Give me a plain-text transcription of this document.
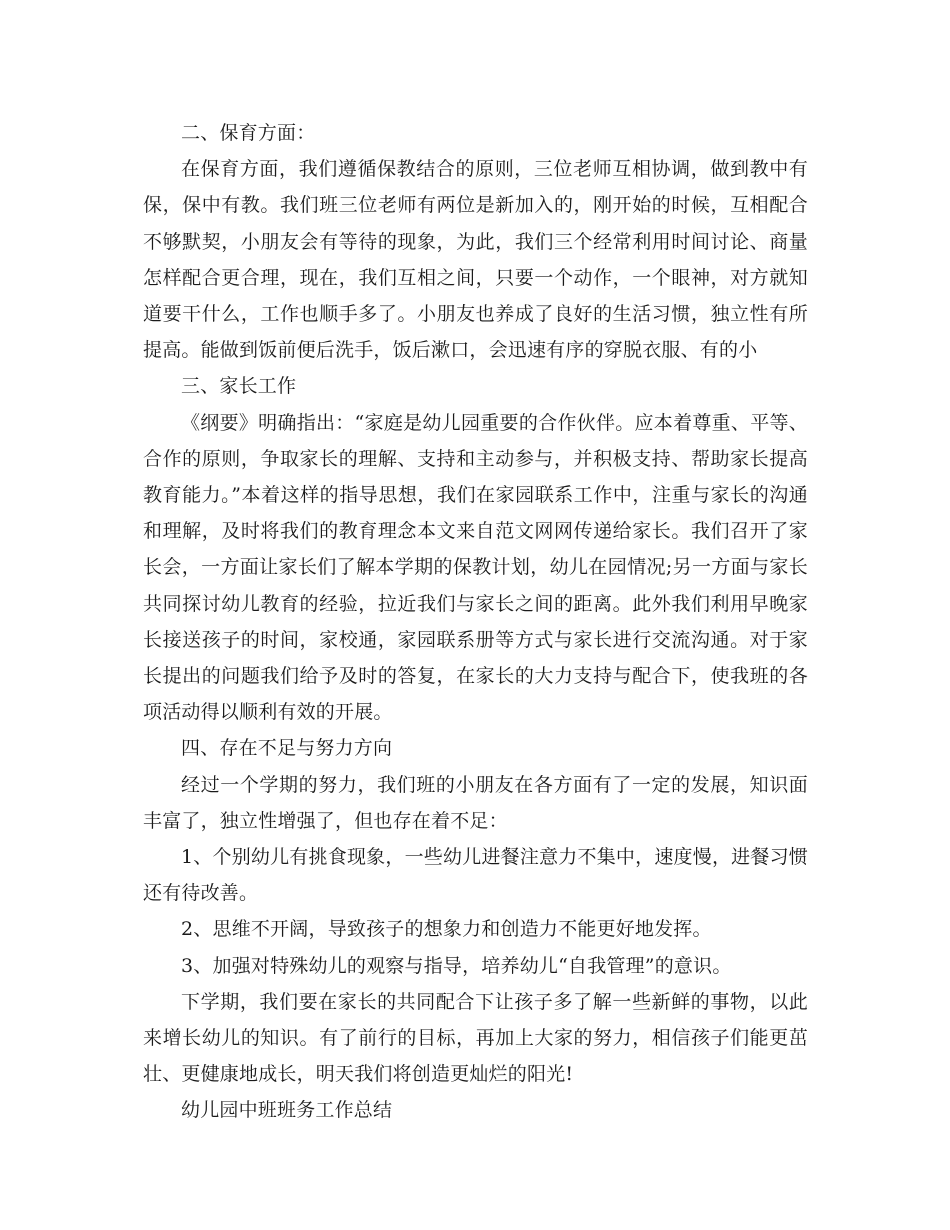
二、保育方面：

在保育方面，我们遵循保教结合的原则，三位老师互相协调，做到教中有保，保中有教。我们班三位老师有两位是新加入的，刚开始的时候，互相配合不够默契，小朋友会有等待的现象，为此，我们三个经常利用时间讨论、商量怎样配合更合理，现在，我们互相之间，只要一个动作，一个眼神，对方就知道要干什么，工作也顺手多了。小朋友也养成了良好的生活习惯，独立性有所提高。能做到饭前便后洗手，饭后漱口，会迅速有序的穿脱衣服、有的小

三、家长工作

《纲要》明确指出：“家庭是幼儿园重要的合作伙伴。应本着尊重、平等、合作的原则，争取家长的理解、支持和主动参与，并积极支持、帮助家长提高教育能力。”本着这样的指导思想，我们在家园联系工作中，注重与家长的沟通和理解，及时将我们的教育理念本文来自范文网网传递给家长。我们召开了家长会，一方面让家长们了解本学期的保教计划，幼儿在园情况;另一方面与家长共同探讨幼儿教育的经验，拉近我们与家长之间的距离。此外我们利用早晚家长接送孩子的时间，家校通，家园联系册等方式与家长进行交流沟通。对于家长提出的问题我们给予及时的答复，在家长的大力支持与配合下，使我班的各项活动得以顺利有效的开展。

四、存在不足与努力方向

经过一个学期的努力，我们班的小朋友在各方面有了一定的发展，知识面丰富了，独立性增强了，但也存在着不足：

1、个别幼儿有挑食现象，一些幼儿进餐注意力不集中，速度慢，进餐习惯还有待改善。

2、思维不开阔，导致孩子的想象力和创造力不能更好地发挥。

3、加强对特殊幼儿的观察与指导，培养幼儿“自我管理”的意识。

下学期，我们要在家长的共同配合下让孩子多了解一些新鲜的事物，以此来增长幼儿的知识。有了前行的目标，再加上大家的努力，相信孩子们能更茁壮、更健康地成长，明天我们将创造更灿烂的阳光!

幼儿园中班班务工作总结
